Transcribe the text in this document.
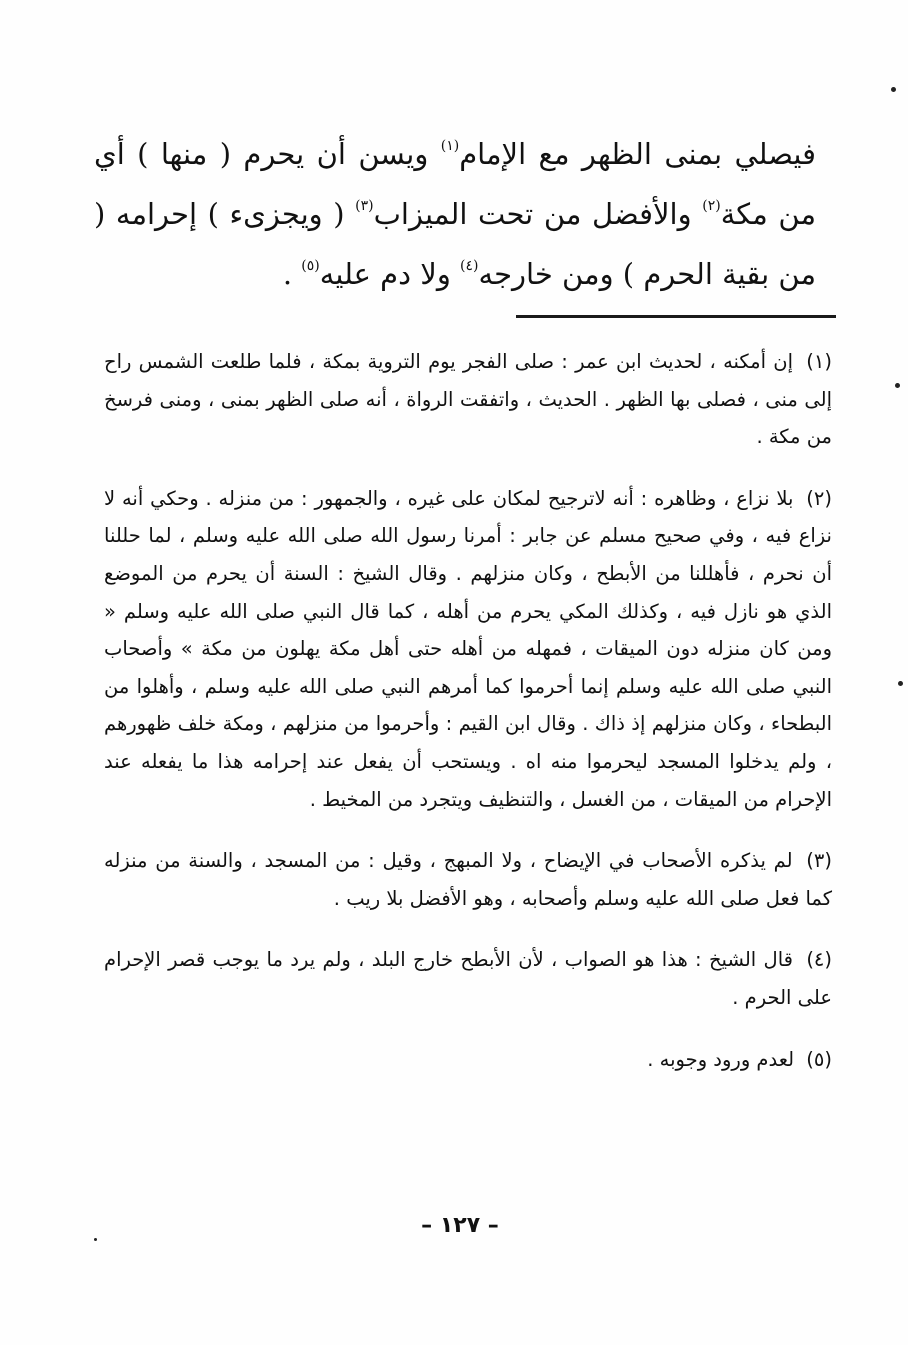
فيصلي بمنى الظهر مع الإمام$^{(١)}$ ويسن أن يحرم ( منها ) أي من مكة$^{(٢)}$ والأفضل من تحت الميزاب$^{(٣)}$ ( ويجزىء ) إحرامه ( من بقية الحرم ) ومن خارجه$^{(٤)}$ ولا دم عليه$^{(٥)}$ .

(١) إن أمكنه ، لحديث ابن عمر : صلى الفجر يوم التروية بمكة ، فلما طلعت الشمس راح إلى منى ، فصلى بها الظهر . الحديث ، واتفقت الرواة ، أنه صلى الظهر بمنى ، ومنى فرسخ من مكة .

(٢) بلا نزاع ، وظاهره : أنه لاترجيح لمكان على غيره ، والجمهور : من منزله . وحكي أنه لا نزاع فيه ، وفي صحيح مسلم عن جابر : أمرنا رسول الله صلى الله عليه وسلم ، لما حللنا أن نحرم ، فأهللنا من الأبطح ، وكان منزلهم . وقال الشيخ : السنة أن يحرم من الموضع الذي هو نازل فيه ، وكذلك المكي يحرم من أهله ، كما قال النبي صلى الله عليه وسلم « ومن كان منزله دون الميقات ، فمهله من أهله حتى أهل مكة يهلون من مكة » وأصحاب النبي صلى الله عليه وسلم إنما أحرموا كما أمرهم النبي صلى الله عليه وسلم ، وأهلوا من البطحاء ، وكان منزلهم إذ ذاك . وقال ابن القيم : وأحرموا من منزلهم ، ومكة خلف ظهورهم ، ولم يدخلوا المسجد ليحرموا منه اه . ويستحب أن يفعل عند إحرامه هذا ما يفعله عند الإحرام من الميقات ، من الغسل ، والتنظيف ويتجرد من المخيط .

(٣) لم يذكره الأصحاب في الإيضاح ، ولا المبهج ، وقيل : من المسجد ، والسنة من منزله كما فعل صلى الله عليه وسلم وأصحابه ، وهو الأفضل بلا ريب .

(٤) قال الشيخ : هذا هو الصواب ، لأن الأبطح خارج البلد ، ولم يرد ما يوجب قصر الإحرام على الحرم .

(٥) لعدم ورود وجوبه .

– ١٢٧ –
